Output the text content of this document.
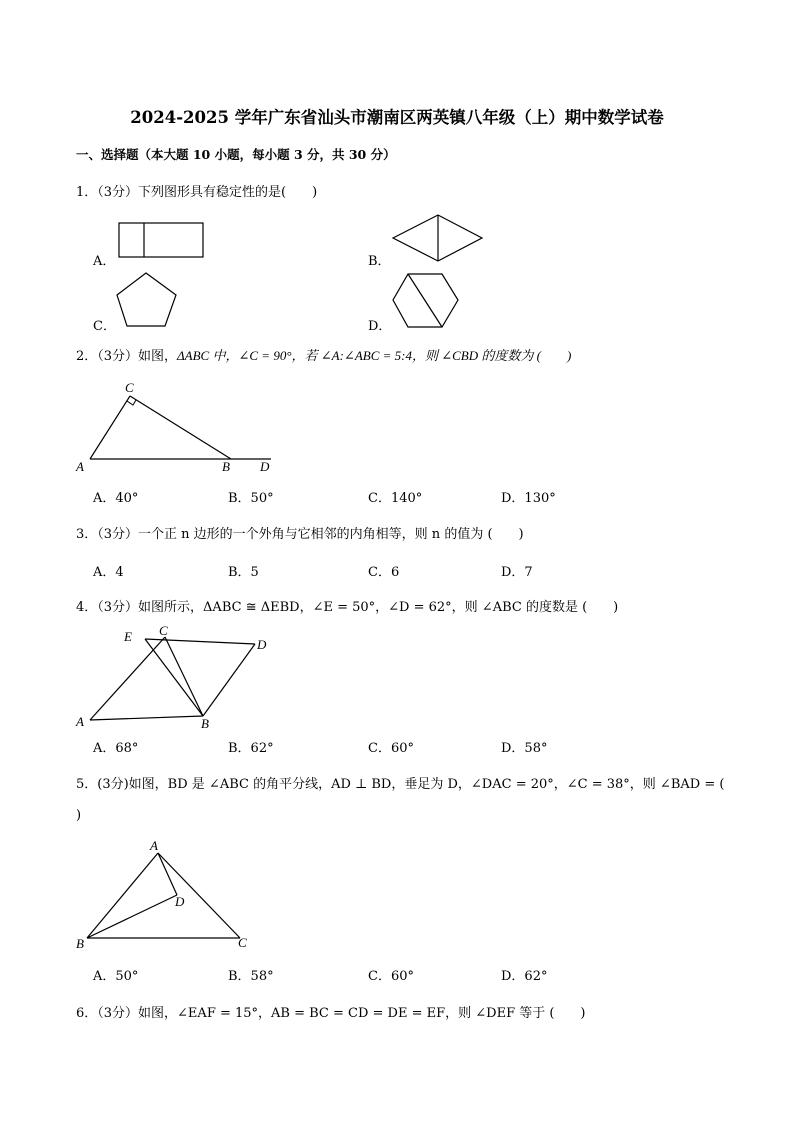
2024-2025 学年广东省汕头市潮南区两英镇八年级（上）期中数学试卷
一、选择题（本大题 10 小题，每小题 3 分，共 30 分）
1．（3分）下列图形具有稳定性的是(　　)
A．	B．
C．	D．
2．（3分）如图，ΔABC 中，∠C = 90°，若 ∠A:∠ABC = 5:4，则 ∠CBD 的度数为 (　　)
C
A	B D
A．40°	B．50°	C．140°	D．130°
3．（3分）一个正 n 边形的一个外角与它相邻的内角相等，则 n 的值为 (　　)
A．4	B．5	C．6	D．7
4．（3分）如图所示，ΔABC ≅ ΔEBD，∠E = 50°，∠D = 62°，则 ∠ABC 的度数是 (　　)
E C
D
A	B
A．68°	B．62°	C．60°	D．58°
5．(3分)如图，BD 是 ∠ABC 的角平分线，AD ⊥ BD，垂足为 D，∠DAC = 20°，∠C = 38°，则 ∠BAD = (
)
A
D
B	C
A．50°	B．58°	C．60°	D．62°
6．（3分）如图，∠EAF = 15°，AB = BC = CD = DE = EF，则 ∠DEF 等于 (　　)
